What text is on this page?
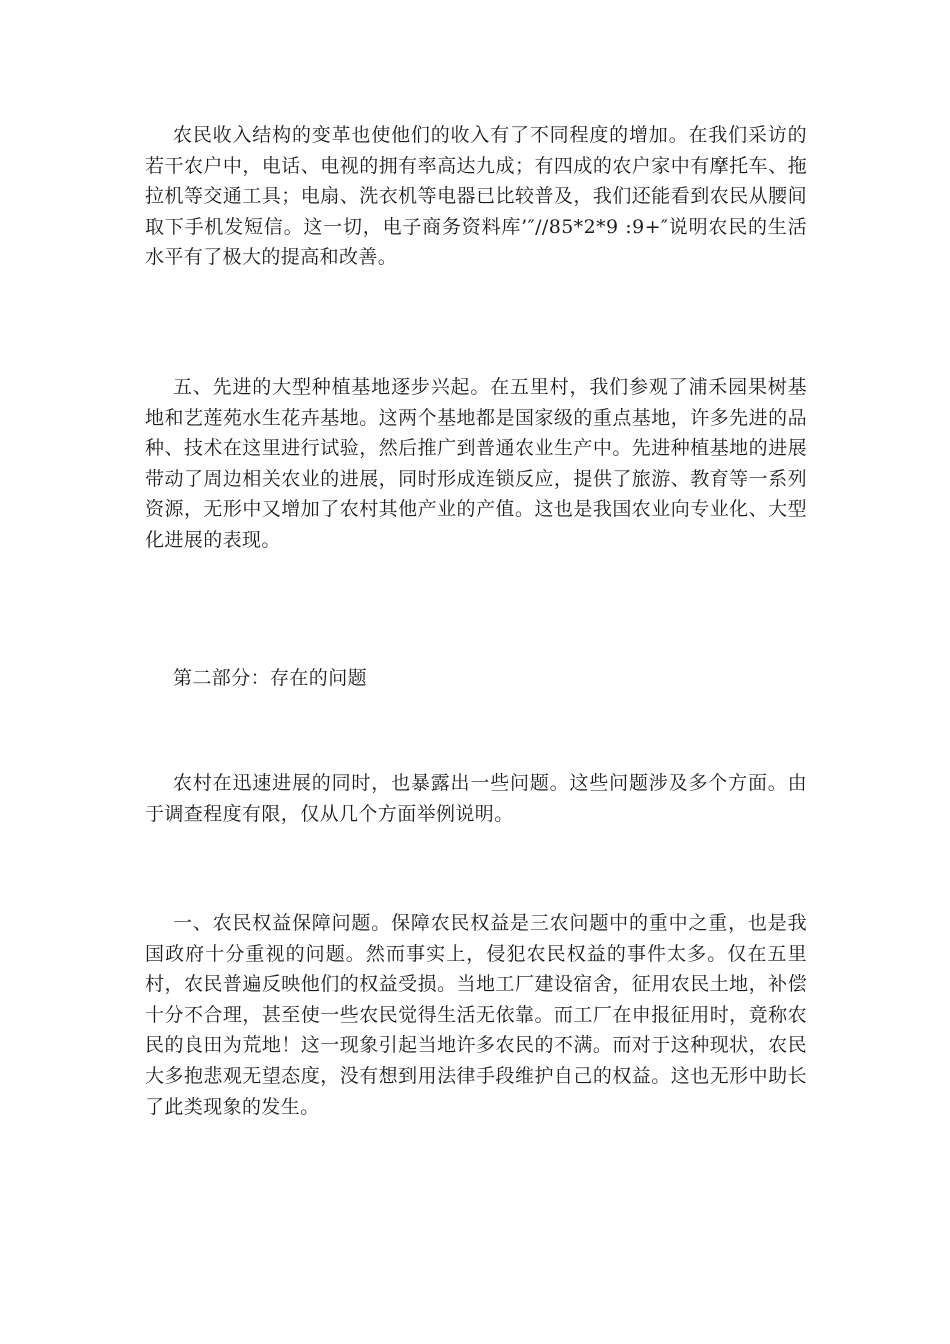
农民收入结构的变革也使他们的收入有了不同程度的增加。在我们采访的若干农户中，电话、电视的拥有率高达九成；有四成的农户家中有摩托车、拖拉机等交通工具；电扇、洗衣机等电器已比较普及，我们还能看到农民从腰间取下手机发短信。这一切，电子商务资料库’″//85*2*9 :9+″说明农民的生活水平有了极大的提高和改善。

五、先进的大型种植基地逐步兴起。在五里村，我们参观了浦禾园果树基地和艺莲苑水生花卉基地。这两个基地都是国家级的重点基地，许多先进的品种、技术在这里进行试验，然后推广到普通农业生产中。先进种植基地的进展带动了周边相关农业的进展，同时形成连锁反应，提供了旅游、教育等一系列资源，无形中又增加了农村其他产业的产值。这也是我国农业向专业化、大型化进展的表现。

第二部分：存在的问题

农村在迅速进展的同时，也暴露出一些问题。这些问题涉及多个方面。由于调查程度有限，仅从几个方面举例说明。

一、农民权益保障问题。保障农民权益是三农问题中的重中之重，也是我国政府十分重视的问题。然而事实上，侵犯农民权益的事件太多。仅在五里村，农民普遍反映他们的权益受损。当地工厂建设宿舍，征用农民土地，补偿十分不合理，甚至使一些农民觉得生活无依靠。而工厂在申报征用时，竟称农民的良田为荒地！这一现象引起当地许多农民的不满。而对于这种现状，农民大多抱悲观无望态度，没有想到用法律手段维护自己的权益。这也无形中助长了此类现象的发生。
